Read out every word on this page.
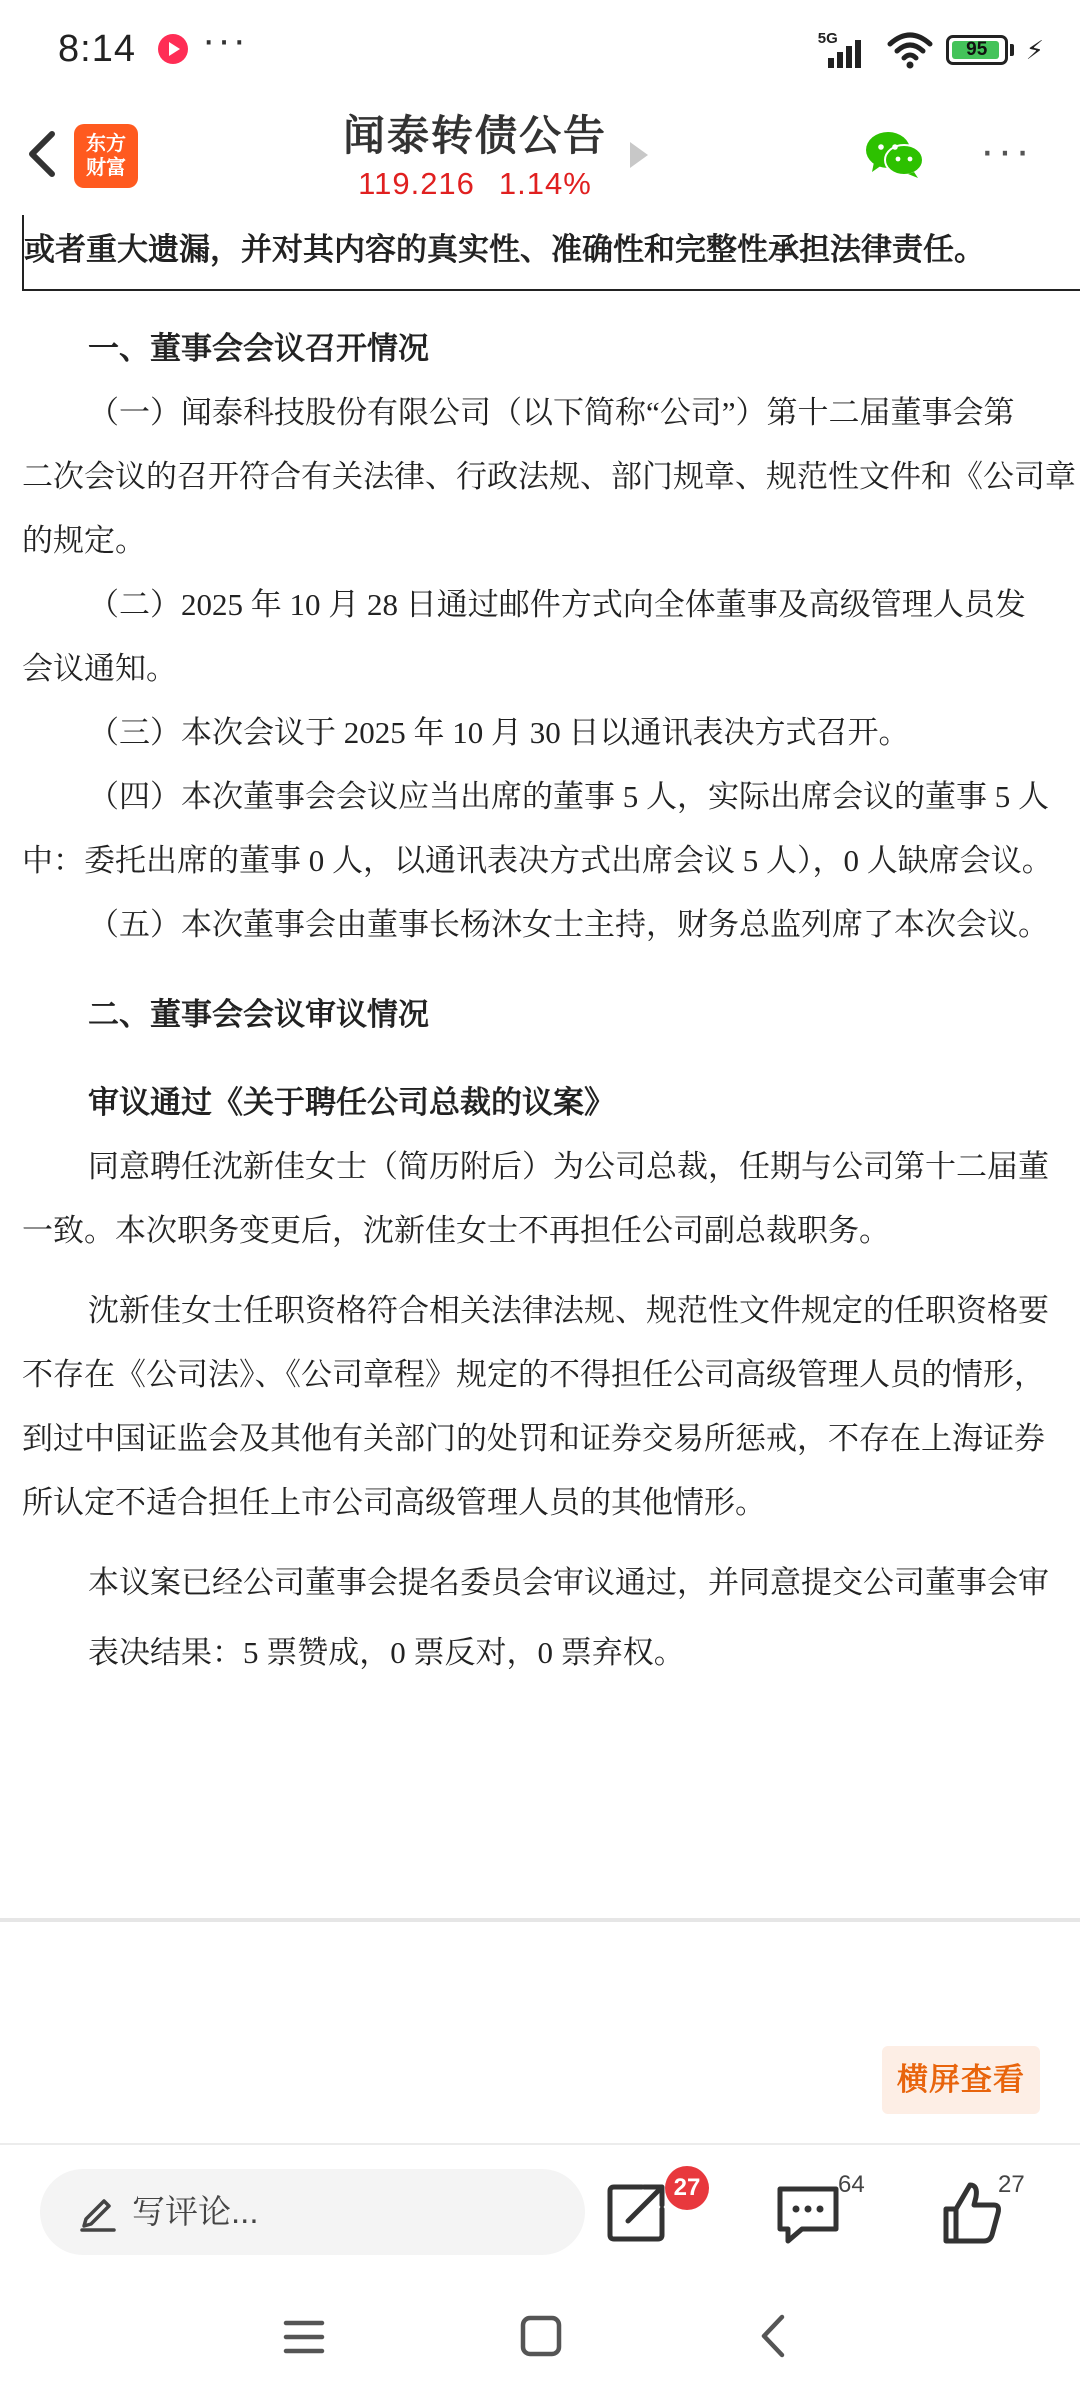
8:14 ···	5G
95	⚡
东方
财富
闻泰转债公告
119.216 1.14%
···
或者重大遗漏，并对其内容的真实性、准确性和完整性承担法律责任。
一、董事会会议召开情况
（一）闻泰科技股份有限公司（以下简称“公司”）第十二届董事会第
二次会议的召开符合有关法律、行政法规、部门规章、规范性文件和《公司章
的规定。
（二）2025 年 10 月 28 日通过邮件方式向全体董事及高级管理人员发
会议通知。
（三）本次会议于 2025 年 10 月 30 日以通讯表决方式召开。
（四）本次董事会会议应当出席的董事 5 人，实际出席会议的董事 5 人
中：委托出席的董事 0 人，以通讯表决方式出席会议 5 人），0 人缺席会议。
（五）本次董事会由董事长杨沐女士主持，财务总监列席了本次会议。
二、董事会会议审议情况
审议通过《关于聘任公司总裁的议案》
同意聘任沈新佳女士（简历附后）为公司总裁，任期与公司第十二届董
一致。本次职务变更后，沈新佳女士不再担任公司副总裁职务。
沈新佳女士任职资格符合相关法律法规、规范性文件规定的任职资格要
不存在《公司法》、《公司章程》规定的不得担任公司高级管理人员的情形，
到过中国证监会及其他有关部门的处罚和证券交易所惩戒，不存在上海证券
所认定不适合担任上市公司高级管理人员的其他情形。
本议案已经公司董事会提名委员会审议通过，并同意提交公司董事会审
表决结果：5 票赞成，0 票反对，0 票弃权。
横屏查看
写评论...
27	64	27
